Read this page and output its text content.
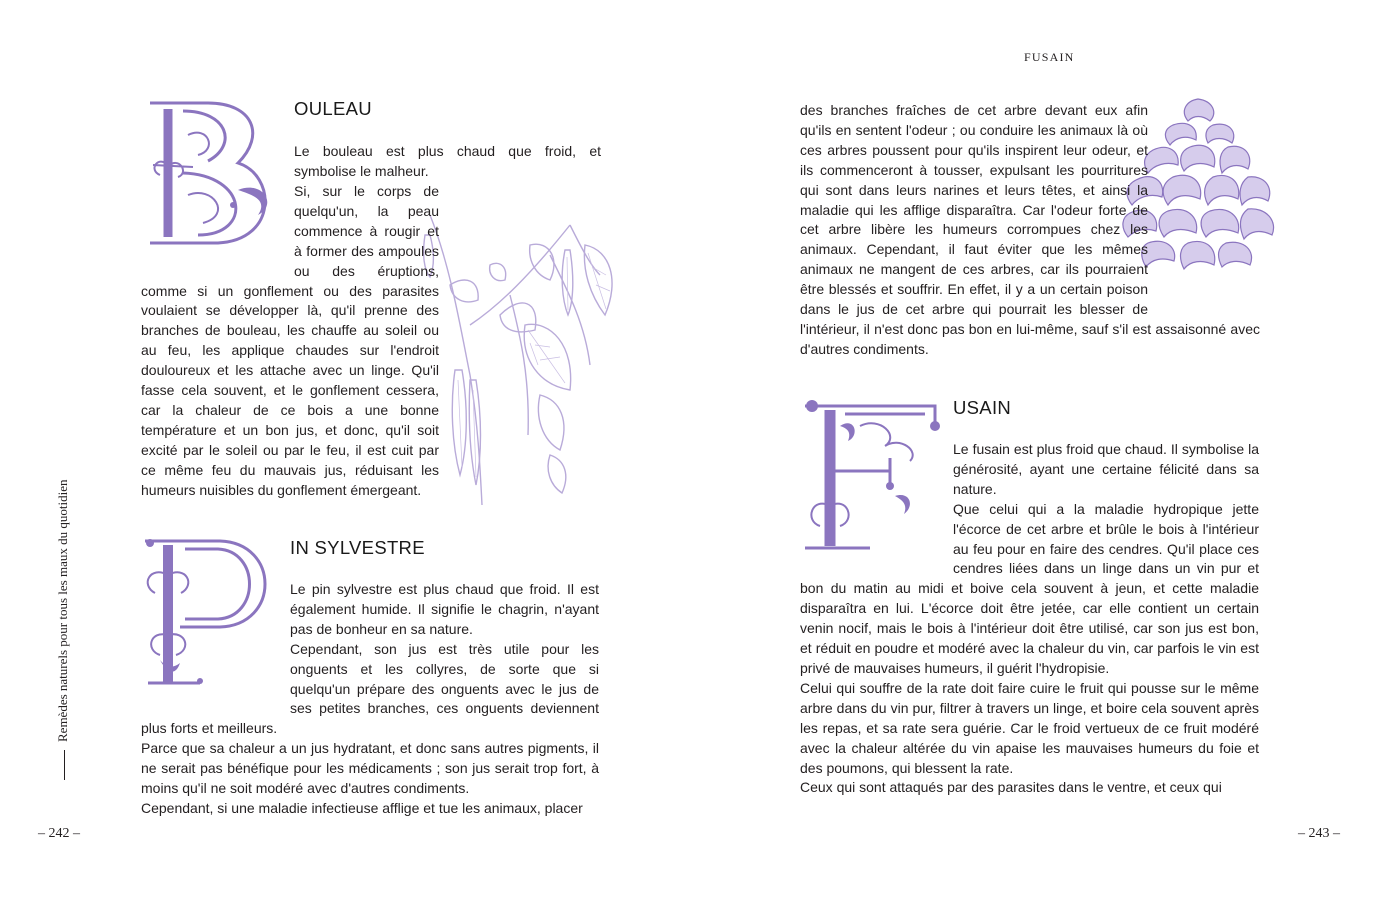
Remèdes naturels pour tous les maux du quotidien
OULEAU

Le bouleau est plus chaud que froid, et symbolise le malheur.

Si, sur le corps de quelqu'un, la peau commence à rougir et à former des ampoules ou des éruptions, comme si un gonflement ou des parasites voulaient se développer là, qu'il prenne des branches de bouleau, les chauffe au soleil ou au feu, les applique chaudes sur l'endroit douloureux et les attache avec un linge. Qu'il fasse cela souvent, et le gonflement cessera, car la chaleur de ce bois a une bonne température et un bon jus, et donc, qu'il soit excité par le soleil ou par le feu, il est cuit par ce même feu du mauvais jus, réduisant les humeurs nuisibles du gonflement émergeant.

IN SYLVESTRE

Le pin sylvestre est plus chaud que froid. Il est également humide. Il signifie le chagrin, n'ayant pas de bonheur en sa nature.

Cependant, son jus est très utile pour les onguents et les collyres, de sorte que si quelqu'un prépare des onguents avec le jus de ses petites branches, ces onguents deviennent plus forts et meilleurs.

Parce que sa chaleur a un jus hydratant, et donc sans autres pigments, il ne serait pas bénéfique pour les médicaments ; son jus serait trop fort, à moins qu'il ne soit modéré avec d'autres condiments.

Cependant, si une maladie infectieuse afflige et tue les animaux, placer

– 242 –
FUSAIN

des branches fraîches de cet arbre devant eux afin qu'ils en sentent l'odeur ; ou conduire les animaux là où ces arbres poussent pour qu'ils inspirent leur odeur, et ils commenceront à tousser, expulsant les pourritures qui sont dans leurs narines et leurs têtes, et ainsi la maladie qui les afflige disparaîtra. Car l'odeur forte de cet arbre libère les humeurs corrompues chez les animaux. Cependant, il faut éviter que les mêmes animaux ne mangent de ces arbres, car ils pourraient être blessés et souffrir. En effet, il y a un certain poison dans le jus de cet arbre qui pourrait les blesser de l'intérieur, il n'est donc pas bon en lui-même, sauf s'il est assaisonné avec d'autres condiments.

USAIN

Le fusain est plus froid que chaud. Il symbolise la générosité, ayant une certaine félicité dans sa nature.

Que celui qui a la maladie hydropique jette l'écorce de cet arbre et brûle le bois à l'intérieur au feu pour en faire des cendres. Qu'il place ces cendres liées dans un linge dans un vin pur et bon du matin au midi et boive cela souvent à jeun, et cette maladie disparaîtra en lui. L'écorce doit être jetée, car elle contient un certain venin nocif, mais le bois à l'intérieur doit être utilisé, car son jus est bon, et réduit en poudre et modéré avec la chaleur du vin, car parfois le vin est privé de mauvaises humeurs, il guérit l'hydropisie.

Celui qui souffre de la rate doit faire cuire le fruit qui pousse sur le même arbre dans du vin pur, filtrer à travers un linge, et boire cela souvent après les repas, et sa rate sera guérie. Car le froid vertueux de ce fruit modéré avec la chaleur altérée du vin apaise les mauvaises humeurs du foie et des poumons, qui blessent la rate.

Ceux qui sont attaqués par des parasites dans le ventre, et ceux qui

– 243 –
